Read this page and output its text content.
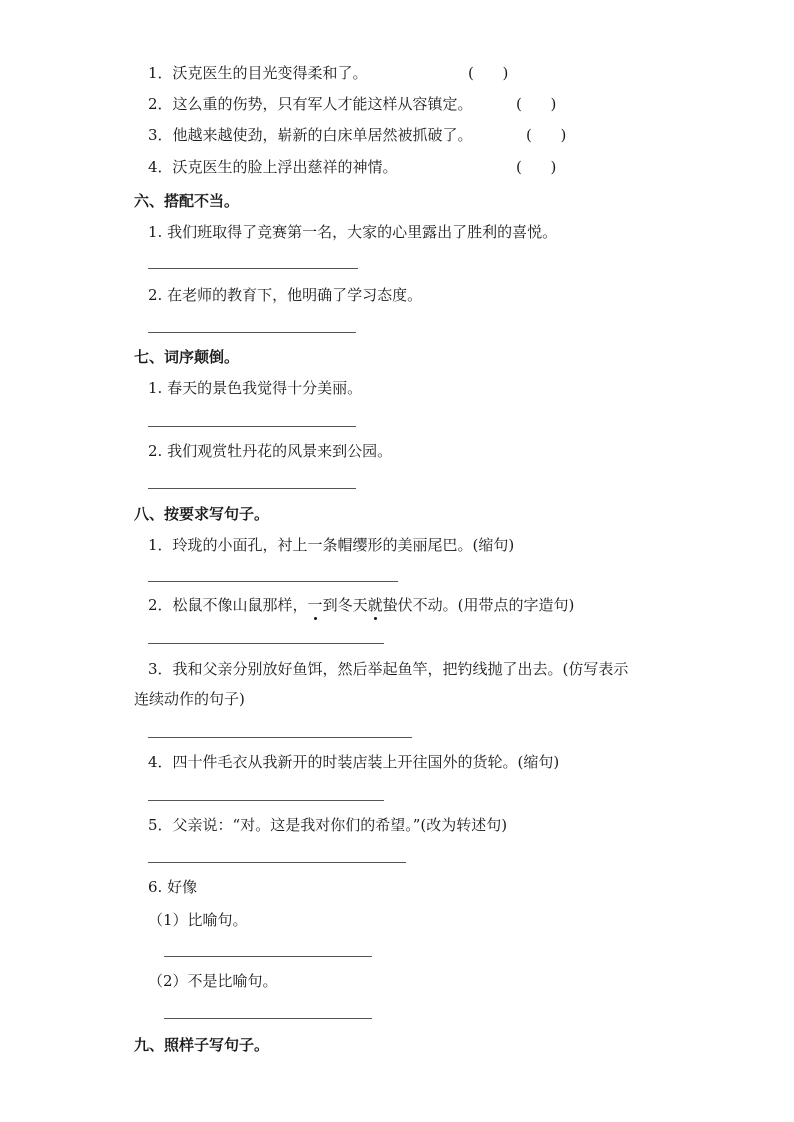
1．沃克医生的目光变得柔和了。	(      )
2．这么重的伤势，只有军人才能这样从容镇定。	(      )
3．他越来越使劲，崭新的白床单居然被抓破了。	(      )
4．沃克医生的脸上浮出慈祥的神情。	(      )
六、搭配不当。
1. 我们班取得了竞赛第一名，大家的心里露出了胜利的喜悦。
2. 在老师的教育下，他明确了学习态度。
七、词序颠倒。
1. 春天的景色我觉得十分美丽。
2. 我们观赏牡丹花的风景来到公园。
八、按要求写句子。
1．玲珑的小面孔，衬上一条帽缨形的美丽尾巴。(缩句)
2．松鼠不像山鼠那样，一到冬天就蛰伏不动。(用带点的字造句)
3．我和父亲分别放好鱼饵，然后举起鱼竿，把钓线抛了出去。(仿写表示
连续动作的句子)
4．四十件毛衣从我新开的时装店装上开往国外的货轮。(缩句)
5．父亲说：“对。这是我对你们的希望。”(改为转述句)
6. 好像
（1）比喻句。
（2）不是比喻句。
九、照样子写句子。
